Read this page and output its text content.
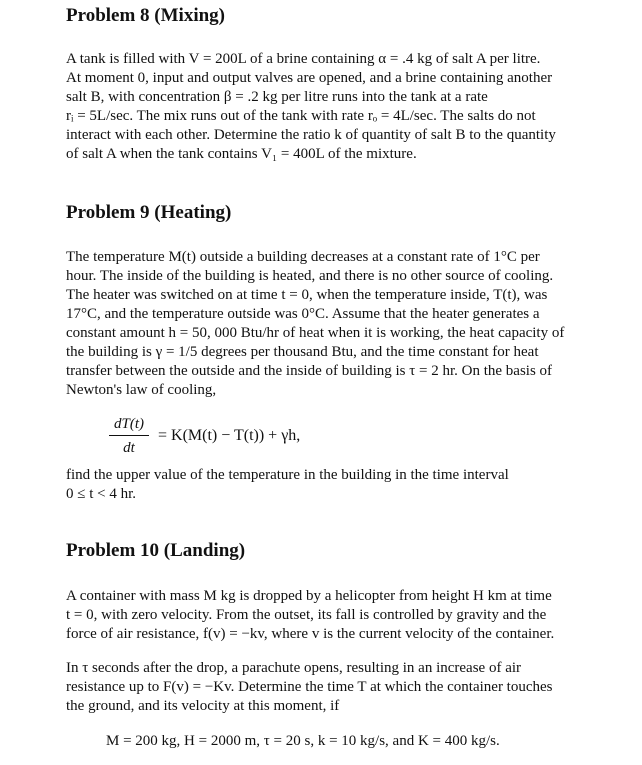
Problem 8 (Mixing)
A tank is filled with V = 200L of a brine containing α = .4 kg of salt A per litre.
At moment 0, input and output valves are opened, and a brine containing another
salt B, with concentration β = .2 kg per litre runs into the tank at a rate
rᵢ = 5L/sec. The mix runs out of the tank with rate rₒ = 4L/sec. The salts do not
interact with each other. Determine the ratio k of quantity of salt B to the quantity
of salt A when the tank contains V₁ = 400L of the mixture.
Problem 9 (Heating)
The temperature M(t) outside a building decreases at a constant rate of 1°C per
hour. The inside of the building is heated, and there is no other source of cooling.
The heater was switched on at time t = 0, when the temperature inside, T(t), was
17°C, and the temperature outside was 0°C. Assume that the heater generates a
constant amount h = 50, 000 Btu/hr of heat when it is working, the heat capacity of
the building is γ = 1/5 degrees per thousand Btu, and the time constant for heat
transfer between the outside and the inside of building is τ = 2 hr. On the basis of
Newton's law of cooling,
dT(t)
dt
= K(M(t) − T(t)) + γh,
find the upper value of the temperature in the building in the time interval
0 ≤ t < 4 hr.
Problem 10 (Landing)
A container with mass M kg is dropped by a helicopter from height H km at time
t = 0, with zero velocity. From the outset, its fall is controlled by gravity and the
force of air resistance, f(v) = −kv, where v is the current velocity of the container.
In τ seconds after the drop, a parachute opens, resulting in an increase of air
resistance up to F(v) = −Kv. Determine the time T at which the container touches
the ground, and its velocity at this moment, if
M = 200 kg, H = 2000 m, τ = 20 s, k = 10 kg/s, and K = 400 kg/s.
